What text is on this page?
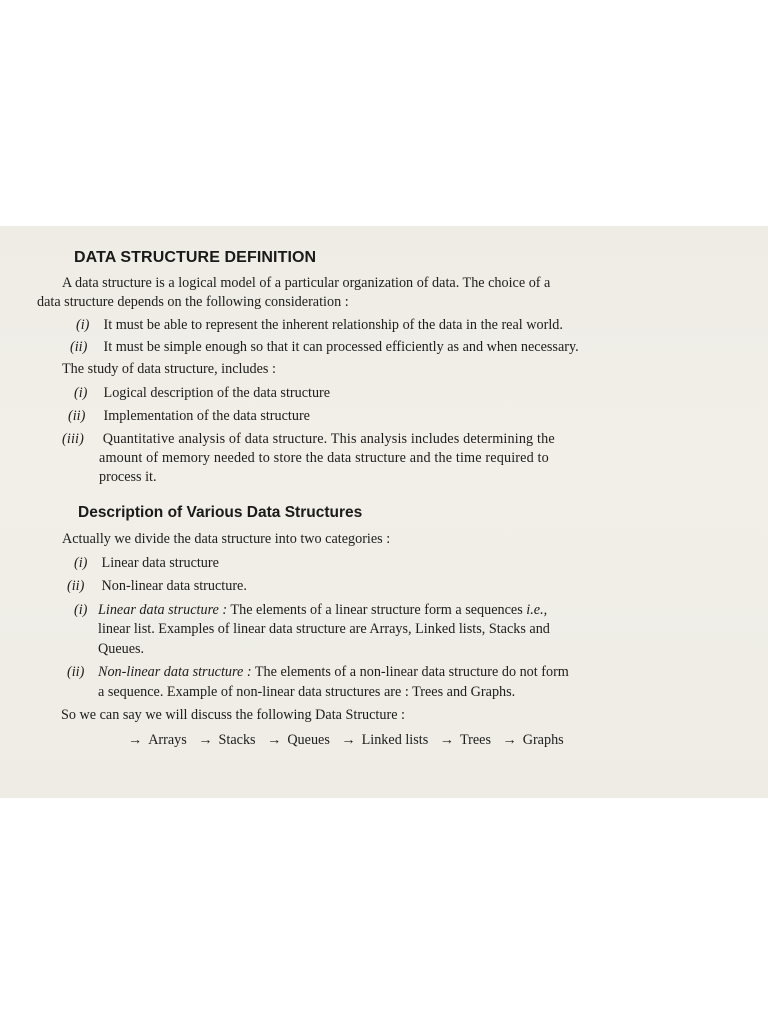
DATA STRUCTURE DEFINITION
A data structure is a logical model of a particular organization of data. The choice of a
data structure depends on the following consideration :
(i) It must be able to represent the inherent relationship of the data in the real world.
(ii) It must be simple enough so that it can processed efficiently as and when necessary.
The study of data structure, includes :
(i) Logical description of the data structure
(ii) Implementation of the data structure
(iii) Quantitative analysis of data structure. This analysis includes determining the
amount of memory needed to store the data structure and the time required to
process it.
Description of Various Data Structures
Actually we divide the data structure into two categories :
(i) Linear data structure
(ii) Non-linear data structure.
(i) Linear data structure : The elements of a linear structure form a sequences i.e.,
linear list. Examples of linear data structure are Arrays, Linked lists, Stacks and
Queues.
(ii) Non-linear data structure : The elements of a non-linear data structure do not form
a sequence. Example of non-linear data structures are : Trees and Graphs.
So we can say we will discuss the following Data Structure :
→ Arrays → Stacks → Queues → Linked lists → Trees → Graphs
